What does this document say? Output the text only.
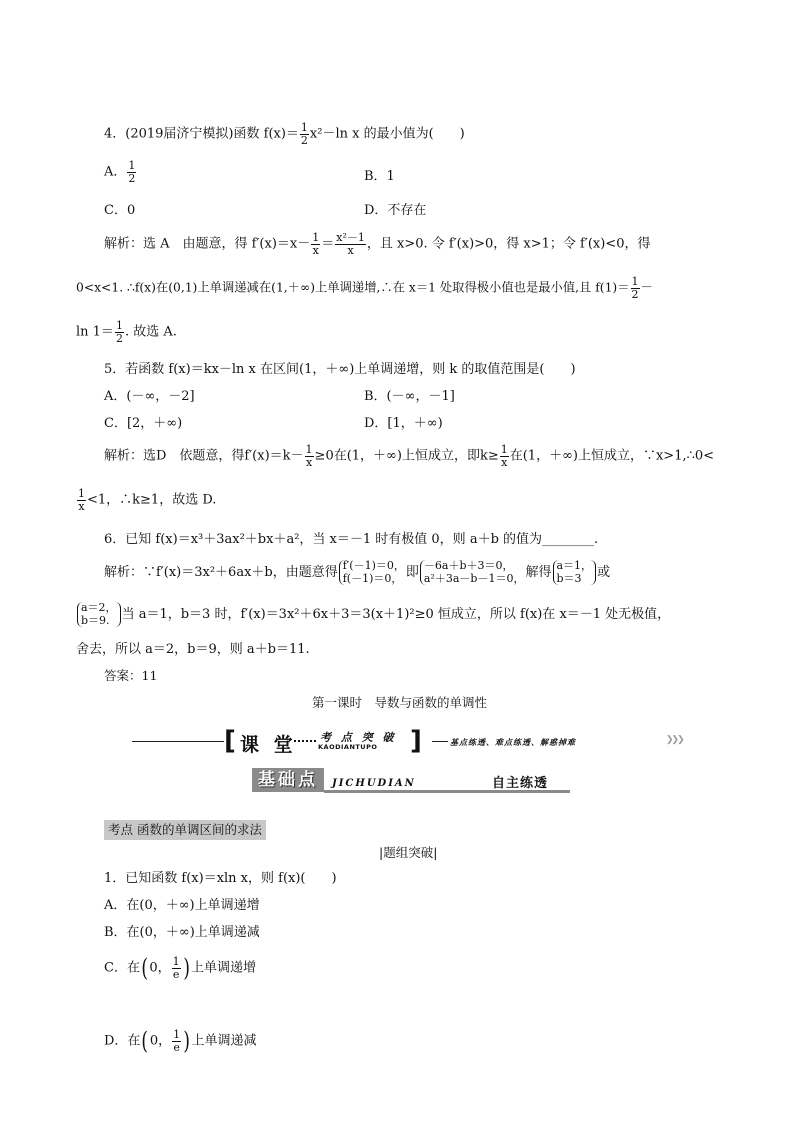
4．(2019届济宁模拟)函数 $f(x)= \frac{1}{2} x^2-\ln$ x 的最小值为(　　)
A． $\frac{1}{2}$	B．1
C．0	D．不存在
解析：选 A　由题意，得 $f'(x)=x- \frac{1}{x} = \frac{\text{x²－1}}{x}$ ，且 x>0. 令 f′(x)>0，得 x>1；令 f′(x)<0，得
0<x<1. ∴f(x)在(0,1)上单调递减在(1,＋∞)上单调递增,∴在 x＝1 处取得极小值也是最小值,且 $f(1)= \frac{1}{2}$ －
$\ln 1= \frac{1}{2}$ . 故选 A.
5．若函数 f(x)＝kx－ln x 在区间(1，＋∞)上单调递增，则 k 的取值范围是(　　)
A．(－∞，－2]	B．(－∞，－1]
C．[2，＋∞)	D．[1，＋∞)
解析：选D　依题意，得$f'(x)=k- \frac{1}{x} \ge 0$在(1，＋∞)上恒成立，即$k\ge \frac{1}{x}$ 在(1，＋∞)上恒成立，∵x>1,∴0<
$\frac{1}{x} <1$，∴k≥1，故选 D.
6．已知 f(x)＝x³＋3ax²＋bx＋a²，当 x＝－1 时有极值 0，则 a＋b 的值为________.
解析：∵f′(x)＝3x²＋6ax＋b，由题意得 f′(－1)＝0，
f(－1)＝0， 即 －6a＋b＋3＝0，
a²＋3a－b－1＝0，解得 a＝1，
b＝3 或
a＝2，
b＝9. 当 a＝1，b＝3 时，f′(x)＝3x²＋6x＋3＝3(x＋1)²≥0 恒成立，所以 f(x)在 x＝－1 处无极值，
舍去，所以 a＝2，b＝9，则 a＋b＝11.
答案：11
第一课时　导数与函数的单调性
[ 课 堂 考 点 突 破
KAODIANTUPO ]	基点练透、难点练透、解惑掉难	❯❯❯
基础点	JICHUDIAN	自主练透
考点 函数的单调区间的求法
|题组突破|
1．已知函数 f(x)＝xln x，则 f(x)(　　)
A．在(0，＋∞)上单调递增
B．在(0，＋∞)上单调递减
C．在(0， $\frac{1}{e}$ )上单调递增
D．在(0， $\frac{1}{e}$ )上单调递减
